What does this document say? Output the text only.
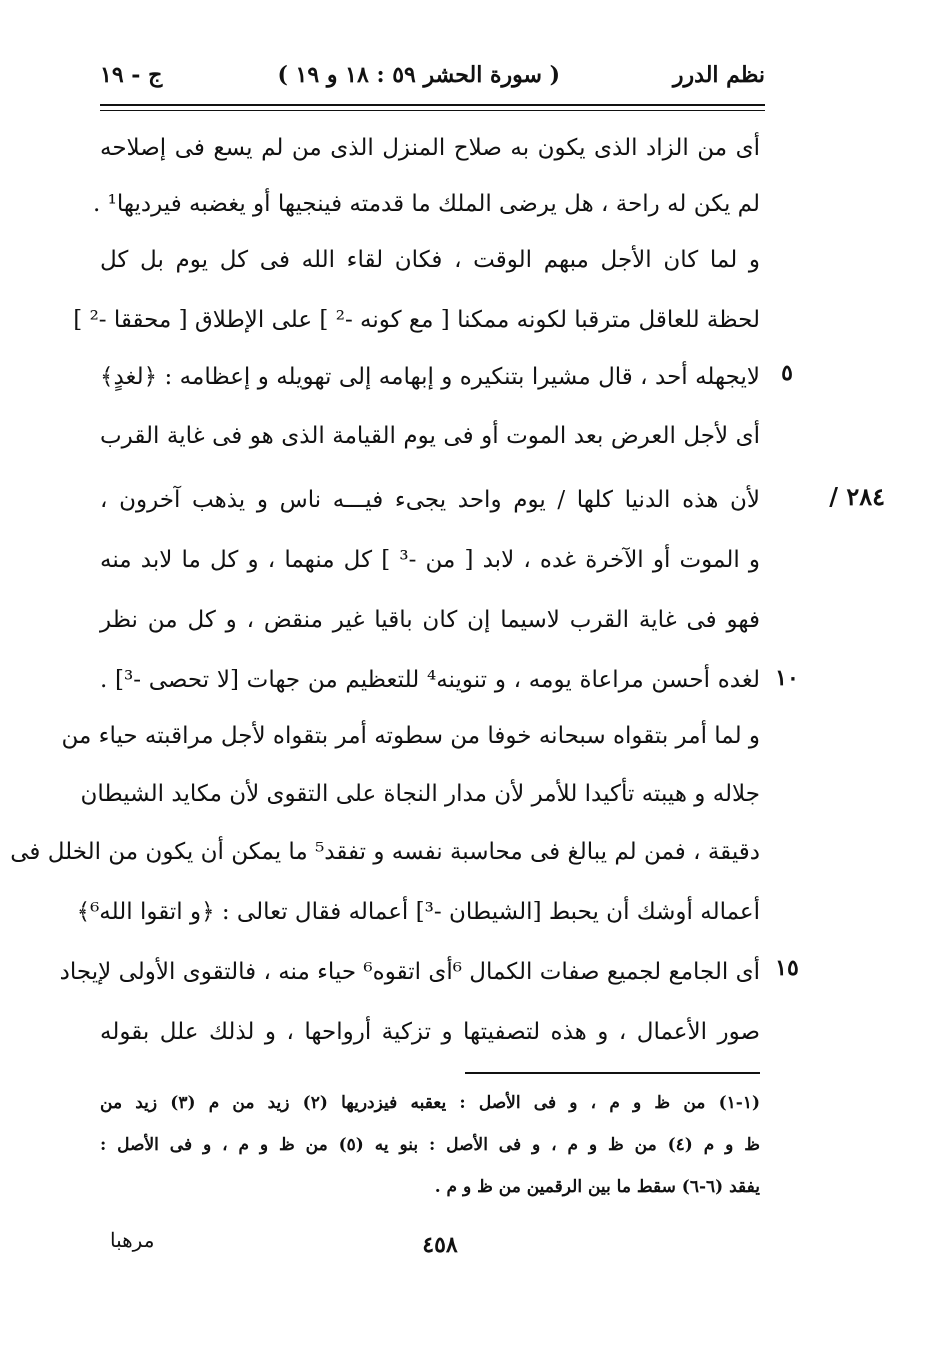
نظم الدرر
( سورة الحشر ٥٩ : ١٨ و ١٩ )
ج - ١٩
٢٨٤ /
٥
١٠
١٥
أى من الزاد الذى يكون به صلاح المنزل الذى من لم يسع فى إصلاحه
لم يكن له راحة ، هل يرضى الملك ما قدمته فينجيها أو يغضبه فيرديها¹ .
و لما كان الأجل مبهم الوقت ، فكان لقاء الله فى كل يوم بل كل
لحظة للعاقل مترقبا لكونه ممكنا [ مع كونه -² ] على الإطلاق [ محققا -² ]
لايجهله أحد ، قال مشيرا بتنكيره و إبهامه إلى تهويله و إعظامه : ﴿لغدٍ﴾
أى لأجل العرض بعد الموت أو فى يوم القيامة الذى هو فى غاية القرب
لأن هذه الدنيا كلها / يوم واحد يجىء فيـــه ناس و يذهب آخرون ،
و الموت أو الآخرة غده ، لابد [ من -³ ] كل منهما ، و كل ما لابد منه
فهو فى غاية القرب لاسيما إن كان باقيا غير منقض ، و كل من نظر
لغده أحسن مراعاة يومه ، و تنوينه⁴ للتعظيم من جهات [لا تحصى -³] .
و لما أمر بتقواه سبحانه خوفا من سطوته أمر بتقواه لأجل مراقبته حياء من
جلاله و هيبته تأكيدا للأمر لأن مدار النجاة على التقوى لأن مكايد الشيطان
دقيقة ، فمن لم يبالغ فى محاسبة نفسه و تفقد⁵ ما يمكن أن يكون من الخلل فى
أعماله أوشك أن يحبط [الشيطان -³] أعماله فقال تعالى : ﴿و اتقوا الله⁶﴾
أى الجامع لجميع صفات الكمال ⁶أى اتقوه⁶ حياء منه ، فالتقوى الأولى لإيجاد
صور الأعمال ، و هذه لتصفيتها و تزكية أرواحها ، و لذلك علل بقوله
(١-١) من ظ و م ، و فى الأصل : يعقبه فيزدريها (٢) زيد من م (٣) زيد من
ظ و م (٤) من ظ و م ، و فى الأصل : بنو يه (٥) من ظ و م ، و فى الأصل :
يفقد (٦-٦) سقط ما بين الرقمين من ظ و م .
٤٥٨
مرهبا
